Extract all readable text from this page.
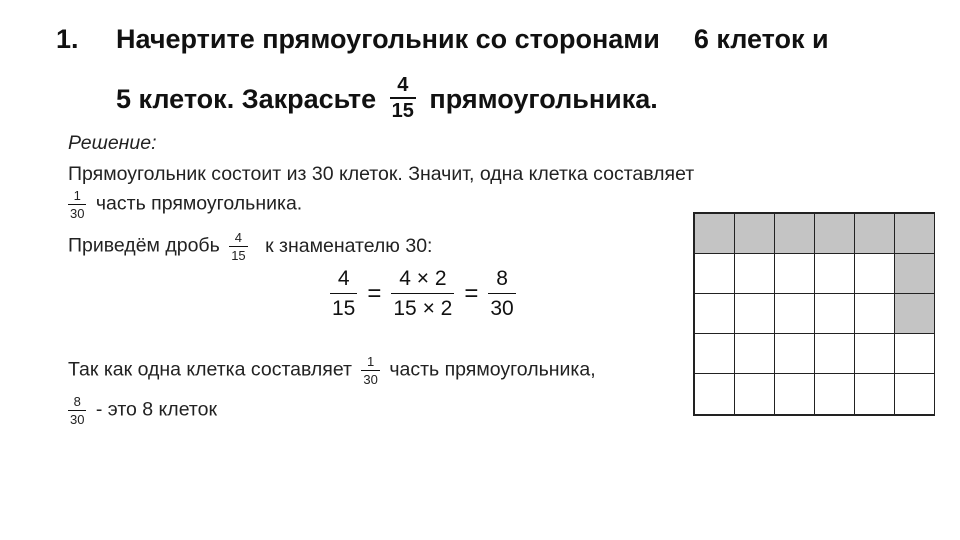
1. Начертите прямоугольник со сторонами 6 клеток и
5 клеток. Закрасьте $\frac{4}{15}$ прямоугольника.
Решение:
Прямоугольник состоит из 30 клеток. Значит, одна клетка составляет
$\frac{1}{30}$ часть прямоугольника.
Приведём дробь $\frac{4}{15}$ к знаменателю 30:
$\frac{4}{15} = \frac{4 \times 2}{15 \times 2} = \frac{8}{30}$
Так как одна клетка составляет $\frac{1}{30}$ часть прямоугольника,
$\frac{8}{30}$ - это 8 клеток
